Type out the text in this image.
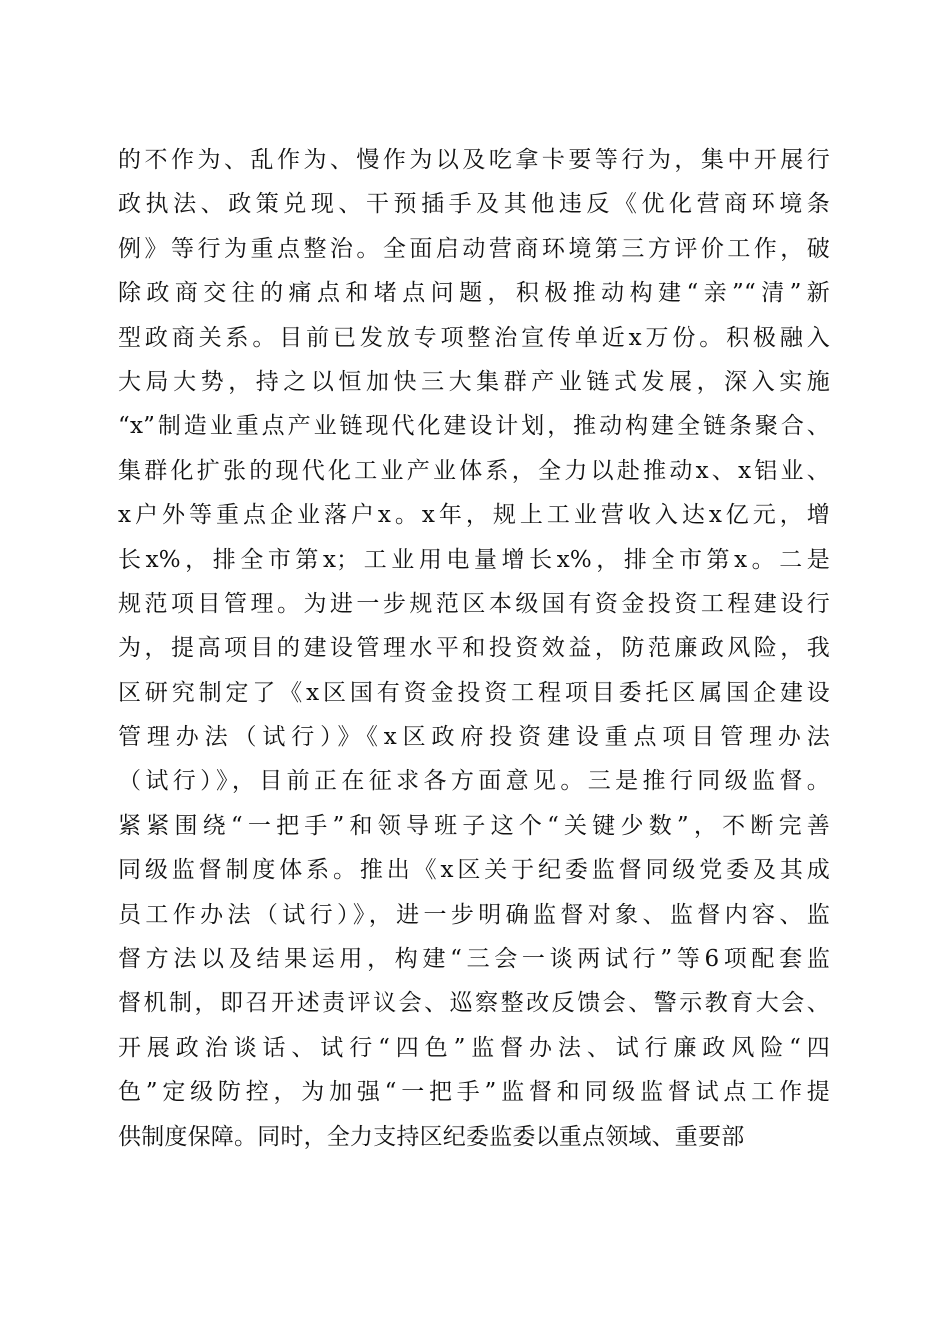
的不作为、乱作为、慢作为以及吃拿卡要等行为，集中开展行
政执法、政策兑现、干预插手及其他违反《优化营商环境条
例》等行为重点整治。全面启动营商环境第三方评价工作，破
除政商交往的痛点和堵点问题，积极推动构建“亲”“清”新
型政商关系。目前已发放专项整治宣传单近x万份。积极融入
大局大势，持之以恒加快三大集群产业链式发展，深入实施
“x”制造业重点产业链现代化建设计划，推动构建全链条聚合、
集群化扩张的现代化工业产业体系，全力以赴推动x、x铝业、
x户外等重点企业落户x。x年，规上工业营收入达x亿元，增
长x%，排全市第x；工业用电量增长x%，排全市第x。二是
规范项目管理。为进一步规范区本级国有资金投资工程建设行
为，提高项目的建设管理水平和投资效益，防范廉政风险，我
区研究制定了《x区国有资金投资工程项目委托区属国企建设
管理办法（试行）》《x区政府投资建设重点项目管理办法
（试行）》，目前正在征求各方面意见。三是推行同级监督。
紧紧围绕“一把手”和领导班子这个“关键少数”，不断完善
同级监督制度体系。推出《x区关于纪委监督同级党委及其成
员工作办法（试行）》，进一步明确监督对象、监督内容、监
督方法以及结果运用，构建“三会一谈两试行”等6项配套监
督机制，即召开述责评议会、巡察整改反馈会、警示教育大会、
开展政治谈话、试行“四色”监督办法、试行廉政风险“四
色”定级防控，为加强“一把手”监督和同级监督试点工作提
供制度保障。同时，全力支持区纪委监委以重点领域、重要部
